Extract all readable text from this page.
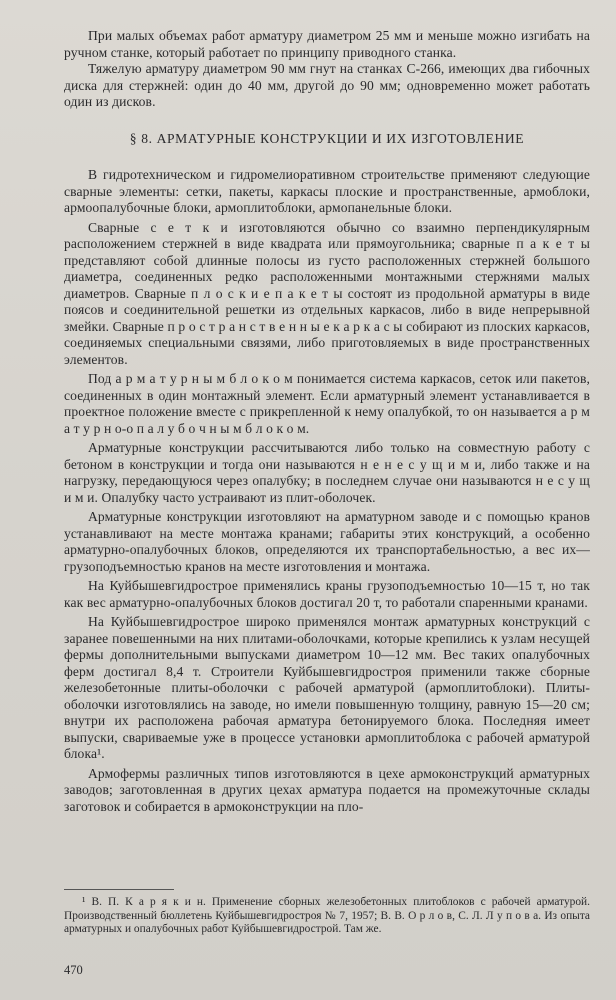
При малых объемах работ арматуру диаметром 25 мм и меньше можно изгибать на ручном станке, который работает по принципу приводного станка.

Тяжелую арматуру диаметром 90 мм гнут на станках С-266, имеющих два гибочных диска для стержней: один до 40 мм, другой до 90 мм; одновременно может работать один из дисков.

§ 8. АРМАТУРНЫЕ КОНСТРУКЦИИ И ИХ ИЗГОТОВЛЕНИЕ

В гидротехническом и гидромелиоративном строительстве применяют следующие сварные элементы: сетки, пакеты, каркасы плоские и пространственные, армоблоки, армоопалубочные блоки, армоплитоблоки, армопанельные блоки.

Сварные с е т к и изготовляются обычно со взаимно перпендикулярным расположением стержней в виде квадрата или прямоугольника; сварные п а к е т ы представляют собой длинные полосы из густо расположенных стержней большого диаметра, соединенных редко расположенными монтажными стержнями малых диаметров. Сварные п л о с к и е п а к е т ы состоят из продольной арматуры в виде поясов и соединительной решетки из отдельных каркасов, либо в виде непрерывной змейки. Сварные п р о с т р а н с т в е н н ы е к а р к а с ы собирают из плоских каркасов, соединяемых специальными связями, либо приготовляемых в виде пространственных элементов.

Под а р м а т у р н ы м б л о к о м понимается система каркасов, сеток или пакетов, соединенных в один монтажный элемент. Если арматурный элемент устанавливается в проектное положение вместе с прикрепленной к нему опалубкой, то он называется а р м а т у р н о-о п а л у б о ч н ы м б л о к о м.

Арматурные конструкции рассчитываются либо только на совместную работу с бетоном в конструкции и тогда они называются н е н е с у щ и м и, либо также и на нагрузку, передающуюся через опалубку; в последнем случае они называются н е с у щ и м и. Опалубку часто устраивают из плит-оболочек.

Арматурные конструкции изготовляют на арматурном заводе и с помощью кранов устанавливают на месте монтажа кранами; габариты этих конструкций, а особенно арматурно-опалубочных блоков, определяются их транспортабельностью, а вес их—грузоподъемностью кранов на месте изготовления и монтажа.

На Куйбышевгидрострое применялись краны грузоподъемностью 10—15 т, но так как вес арматурно-опалубочных блоков достигал 20 т, то работали спаренными кранами.

На Куйбышевгидрострое широко применялся монтаж арматурных конструкций с заранее повешенными на них плитами-оболочками, которые крепились к узлам несущей фермы дополнительными выпусками диаметром 10—12 мм. Вес таких опалубочных ферм достигал 8,4 т. Строители Куйбышевгидростроя применили также сборные железобетонные плиты-оболочки с рабочей арматурой (армоплитоблоки). Плиты-оболочки изготовлялись на заводе, но имели повышенную толщину, равную 15—20 см; внутри их расположена рабочая арматура бетонируемого блока. Последняя имеет выпуски, свариваемые уже в процессе установки армоплитоблока с рабочей арматурой блока¹.

Армофермы различных типов изготовляются в цехе армоконструкций арматурных заводов; заготовленная в других цехах арматура подается на промежуточные склады заготовок и собирается в армоконструкции на пло-

¹ В. П. К а р я к и н. Применение сборных железобетонных плитоблоков с рабочей арматурой. Производственный бюллетень Куйбышевгидростроя № 7, 1957; В. В. О р л о в, С. Л. Л у п о в а. Из опыта арматурных и опалубочных работ Куйбышевгидрострой. Там же.
470
